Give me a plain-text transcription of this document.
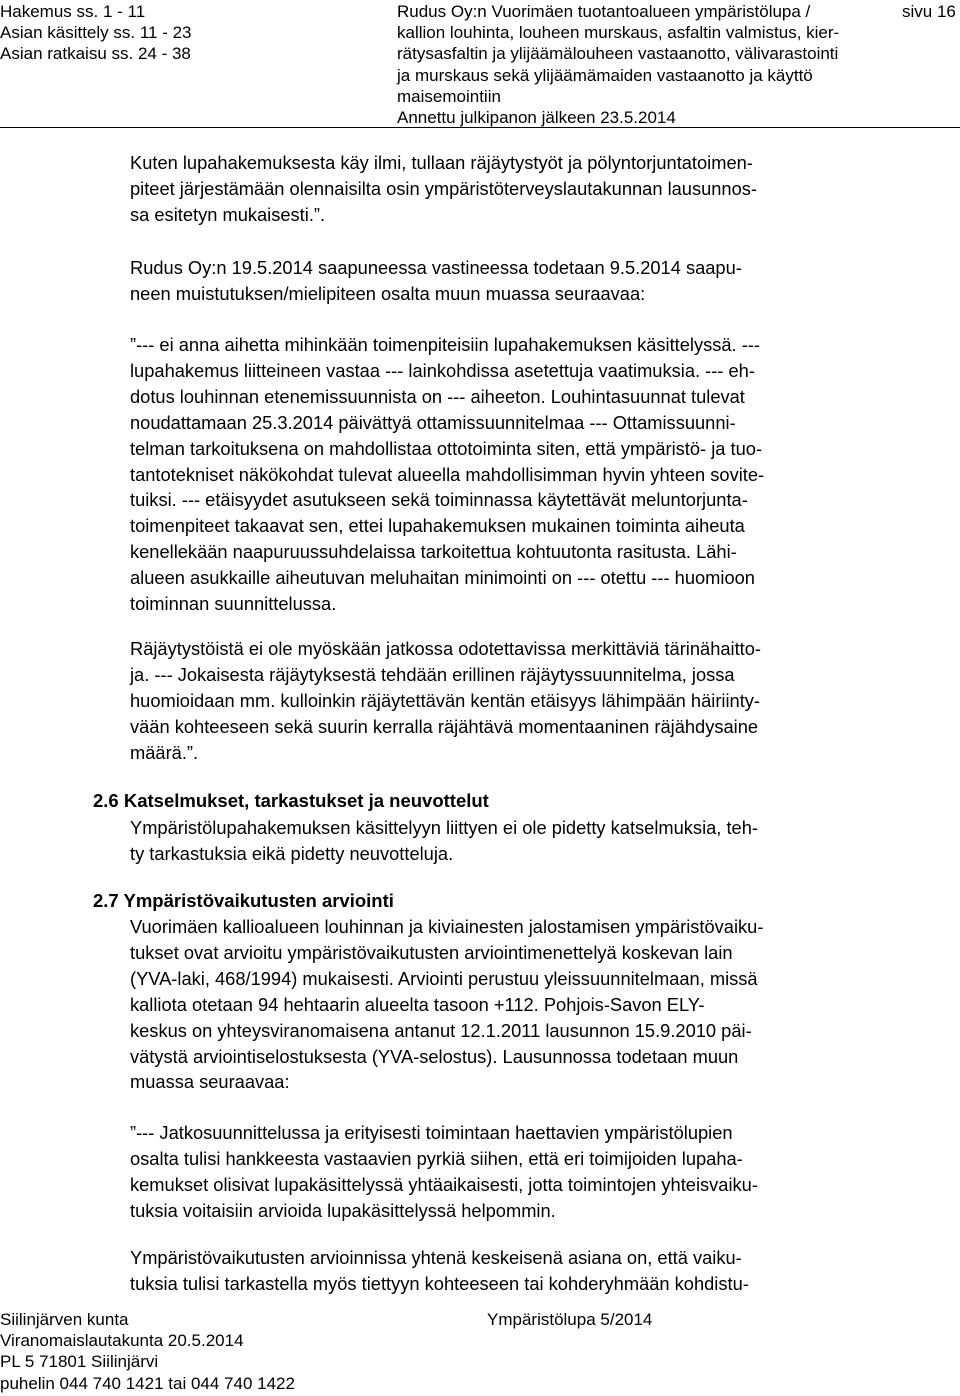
Hakemus ss. 1 - 11
Asian käsittely ss. 11 - 23
Asian ratkaisu ss. 24 - 38
Rudus Oy:n Vuorimäen tuotantoalueen ympäristölupa /
kallion louhinta, louheen murskaus, asfaltin valmistus, kier-
rätysasfaltin ja ylijäämälouheen vastaanotto, välivarastointi
ja murskaus sekä ylijäämämaiden vastaanotto ja käyttö
maisemointiin
Annettu julkipanon jälkeen 23.5.2014
sivu 16
Kuten lupahakemuksesta käy ilmi, tullaan räjäytystyöt ja pölyntorjuntatoimen-
piteet järjestämään olennaisilta osin ympäristöterveyslautakunnan lausunnos-
sa esitetyn mukaisesti.”.
Rudus Oy:n 19.5.2014 saapuneessa vastineessa todetaan 9.5.2014 saapu-
neen muistutuksen/mielipiteen osalta muun muassa seuraavaa:
”--- ei anna aihetta mihinkään toimenpiteisiin lupahakemuksen käsittelyssä. ---
lupahakemus liitteineen vastaa --- lainkohdissa asetettuja vaatimuksia. --- eh-
dotus louhinnan etenemissuunnista on --- aiheeton. Louhintasuunnat tulevat
noudattamaan 25.3.2014 päivättyä ottamissuunnitelmaa --- Ottamissuunni-
telman tarkoituksena on mahdollistaa ottotoiminta siten, että ympäristö- ja tuo-
tantotekniset näkökohdat tulevat alueella mahdollisimman hyvin yhteen sovite-
tuiksi. --- etäisyydet asutukseen sekä toiminnassa käytettävät meluntorjunta-
toimenpiteet takaavat sen, ettei lupahakemuksen mukainen toiminta aiheuta
kenellekään naapuruussuhdelaissa tarkoitettua kohtuutonta rasitusta. Lähi-
alueen asukkaille aiheutuvan meluhaitan minimointi on --- otettu --- huomioon
toiminnan suunnittelussa.
Räjäytystöistä ei ole myöskään jatkossa odotettavissa merkittäviä tärinähaitto-
ja. --- Jokaisesta räjäytyksestä tehdään erillinen räjäytyssuunnitelma, jossa
huomioidaan mm. kulloinkin räjäytettävän kentän etäisyys lähimpään häiriinty-
vään kohteeseen sekä suurin kerralla räjähtävä momentaaninen räjähdysaine
määrä.”.
2.6 Katselmukset, tarkastukset ja neuvottelut
Ympäristölupahakemuksen käsittelyyn liittyen ei ole pidetty katselmuksia, teh-
ty tarkastuksia eikä pidetty neuvotteluja.
2.7 Ympäristövaikutusten arviointi
Vuorimäen kallioalueen louhinnan ja kiviainesten jalostamisen ympäristövaiku-
tukset ovat arvioitu ympäristövaikutusten arviointimenettelyä koskevan lain
(YVA-laki, 468/1994) mukaisesti. Arviointi perustuu yleissuunnitelmaan, missä
kalliota otetaan 94 hehtaarin alueelta tasoon +112. Pohjois-Savon ELY-
keskus on yhteysviranomaisena antanut 12.1.2011 lausunnon 15.9.2010 päi-
vätystä arviointiselostuksesta (YVA-selostus). Lausunnossa todetaan muun
muassa seuraavaa:
”--- Jatkosuunnittelussa ja erityisesti toimintaan haettavien ympäristölupien
osalta tulisi hankkeesta vastaavien pyrkiä siihen, että eri toimijoiden lupaha-
kemukset olisivat lupakäsittelyssä yhtäaikaisesti, jotta toimintojen yhteisvaiku-
tuksia voitaisiin arvioida lupakäsittelyssä helpommin.
Ympäristövaikutusten arvioinnissa yhtenä keskeisenä asiana on, että vaiku-
tuksia tulisi tarkastella myös tiettyyn kohteeseen tai kohderyhmään kohdistu-
Siilinjärven kunta
Viranomaislautakunta 20.5.2014
PL 5 71801 Siilinjärvi
puhelin 044 740 1421 tai 044 740 1422
Ympäristölupa 5/2014
